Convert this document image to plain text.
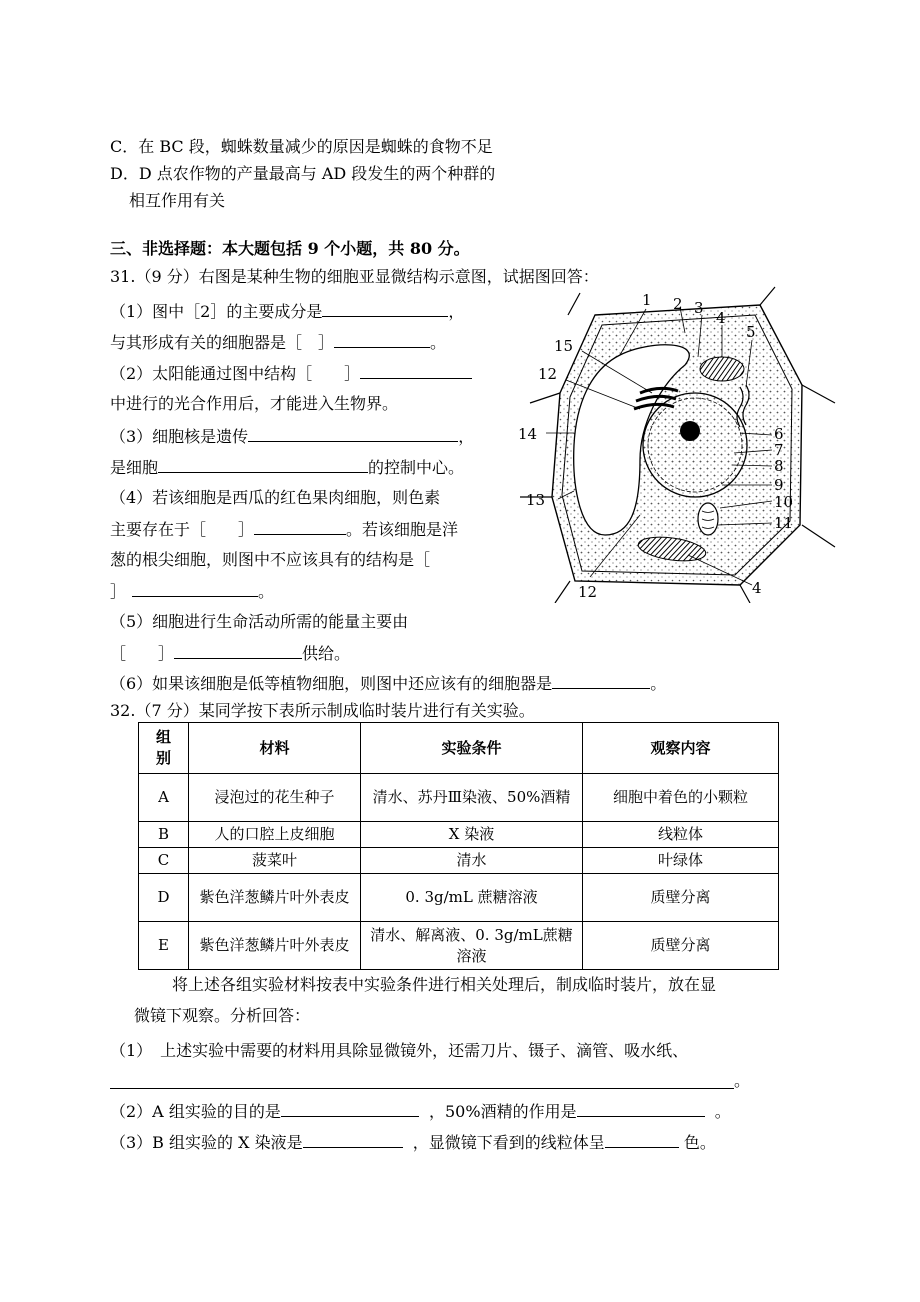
C．在 BC 段，蜘蛛数量减少的原因是蜘蛛的食物不足
D．D 点农作物的产量最高与 AD 段发生的两个种群的
相互作用有关
三、非选择题：本大题包括 9 个小题，共 80 分。
31.（9 分）右图是某种生物的细胞亚显微结构示意图，试据图回答：
（1）图中［2］的主要成分是	，
与其形成有关的细胞器是［　］	。
（2）太阳能通过图中结构［　　］
中进行的光合作用后，才能进入生物界。
（3）细胞核是遗传	，
是细胞	的控制中心。
（4）若该细胞是西瓜的红色果肉细胞，则色素
主要存在于［　　］	。若该细胞是洋
葱的根尖细胞，则图中不应该具有的结构是［
］	。
（5）细胞进行生命活动所需的能量主要由
［　　］	供给。
（6）如果该细胞是低等植物细胞，则图中还应该有的细胞器是	。
1 2 3
4
5
15
12
14	6
7
8
9
13	10
11
12	4
32.（7 分）某同学按下表所示制成临时装片进行有关实验。
组
别	材料	实验条件	观察内容
A	浸泡过的花生种子	清水、苏丹Ⅲ染液、50%酒精	细胞中着色的小颗粒
B	人的口腔上皮细胞	X 染液	线粒体
C	菠菜叶	清水	叶绿体
D	紫色洋葱鳞片叶外表皮	0. 3g/mL 蔗糖溶液	质壁分离
E	紫色洋葱鳞片叶外表皮	清水、解离液、0. 3g/mL蔗糖溶液	质壁分离
将上述各组实验材料按表中实验条件进行相关处理后，制成临时装片，放在显
微镜下观察。分析回答：
（1）　上述实验中需要的材料用具除显微镜外，还需刀片、镊子、滴管、吸水纸、
。
（2）A 组实验的目的是	，50%酒精的作用是	。
（3）B 组实验的 X 染液是	，显微镜下看到的线粒体呈	色。
